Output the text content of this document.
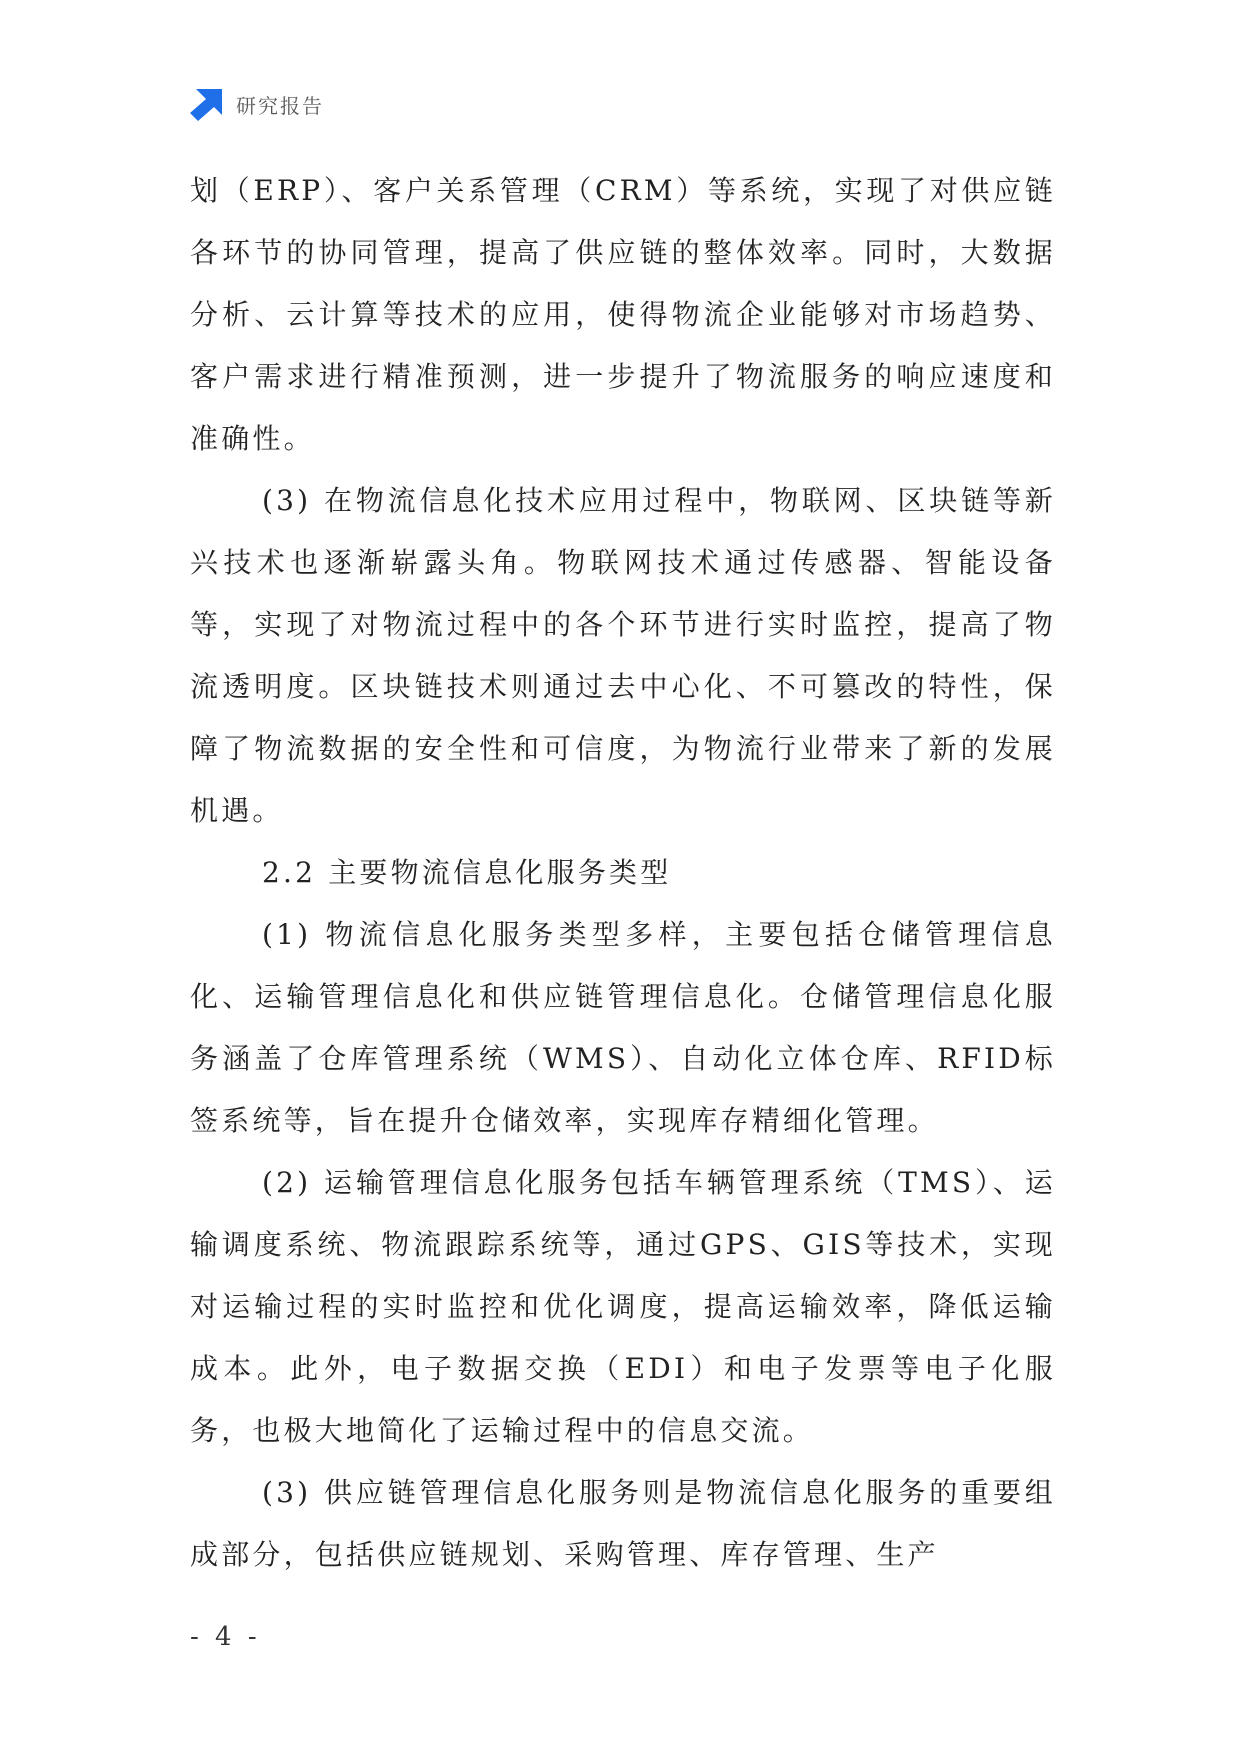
研究报告

划（ERP）、客户关系管理（CRM）等系统，实现了对供应链各环节的协同管理，提高了供应链的整体效率。同时，大数据分析、云计算等技术的应用，使得物流企业能够对市场趋势、客户需求进行精准预测，进一步提升了物流服务的响应速度和准确性。

(3) 在物流信息化技术应用过程中，物联网、区块链等新兴技术也逐渐崭露头角。物联网技术通过传感器、智能设备等，实现了对物流过程中的各个环节进行实时监控，提高了物流透明度。区块链技术则通过去中心化、不可篡改的特性，保障了物流数据的安全性和可信度，为物流行业带来了新的发展机遇。

2.2 主要物流信息化服务类型

(1) 物流信息化服务类型多样，主要包括仓储管理信息化、运输管理信息化和供应链管理信息化。仓储管理信息化服务涵盖了仓库管理系统（WMS）、自动化立体仓库、RFID标签系统等，旨在提升仓储效率，实现库存精细化管理。

(2) 运输管理信息化服务包括车辆管理系统（TMS）、运输调度系统、物流跟踪系统等，通过GPS、GIS等技术，实现对运输过程的实时监控和优化调度，提高运输效率，降低运输成本。此外，电子数据交换（EDI）和电子发票等电子化服务，也极大地简化了运输过程中的信息交流。

(3) 供应链管理信息化服务则是物流信息化服务的重要组成部分，包括供应链规划、采购管理、库存管理、生产

- 4 -
